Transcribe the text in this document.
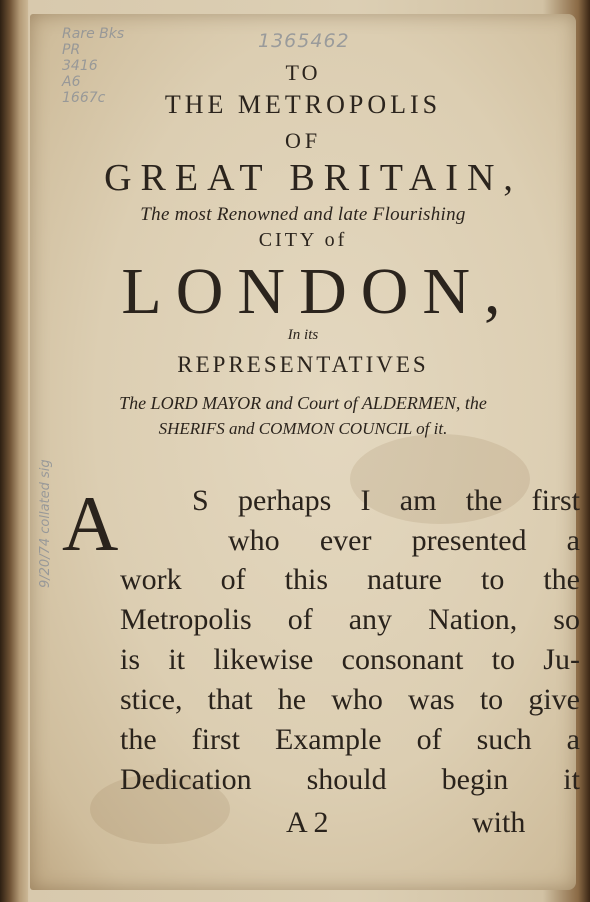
Rare Bks
PR
3416
A6
1667c
1365462
9/20/74 collated sig
TO
THE METROPOLIS
OF
GREAT BRITAIN,
The most Renowned and late Flourishing
CITY of
LONDON,
In its
REPRESENTATIVES
The LORD MAYOR and Court of ALDERMEN, the
SHERIFS and COMMON COUNCIL of it.
A S perhaps I am the first
who ever presented a
work of this nature to the
Metropolis of any Nation, so
is it likewise consonant to Ju-
stice, that he who was to give
the first Example of such a
Dedication should begin it
A 2	with
